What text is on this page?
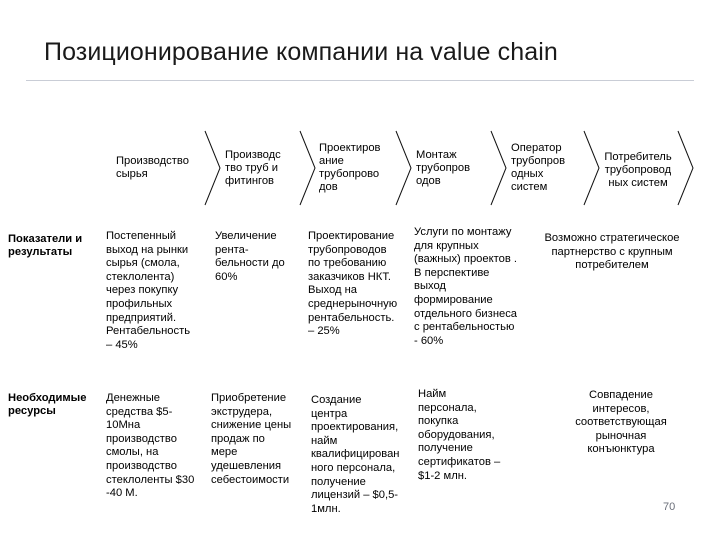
Позиционирование компании на value chain
Производство
сырья
Производс
тво труб и
фитингов
Проектиров
ание
трубопрово
дов
Монтаж
трубопров
одов
Оператор
трубопров
одных
систем
Потребитель
трубопровод
ных систем
Показатели и
результаты
Необходимые
ресурсы
Постепенный
выход на рынки
сырья (смола,
стеклолента)
через покупку
профильных
предприятий.
Рентабельность
– 45%
Увеличение
рента-
бельности до
60%
Проектирование
трубопроводов
по требованию
заказчиков НКТ.
Выход на
среднерыночную
рентабельность.
– 25%
Услуги по монтажу
для крупных
(важных) проектов .
В перспективе
выход
формирование
отдельного бизнеса
с рентабельностью
- 60%
Возможно стратегическое
партнерство с крупным
потребителем
Денежные
средства $5-
10Мна
производство
смолы, на
производство
стеклоленты $30
-40 М.
Приобретение
экструдера,
снижение цены
продаж по
мере
удешевления
себестоимости
Создание
центра
проектирования,
найм
квалифицирован
ного персонала,
получение
лицензий – $0,5-
1млн.
Найм
персонала,
покупка
оборудования,
получение
сертификатов –
$1-2 млн.
Совпадение
интересов,
соответствующая
рыночная
конъюнктура
70
